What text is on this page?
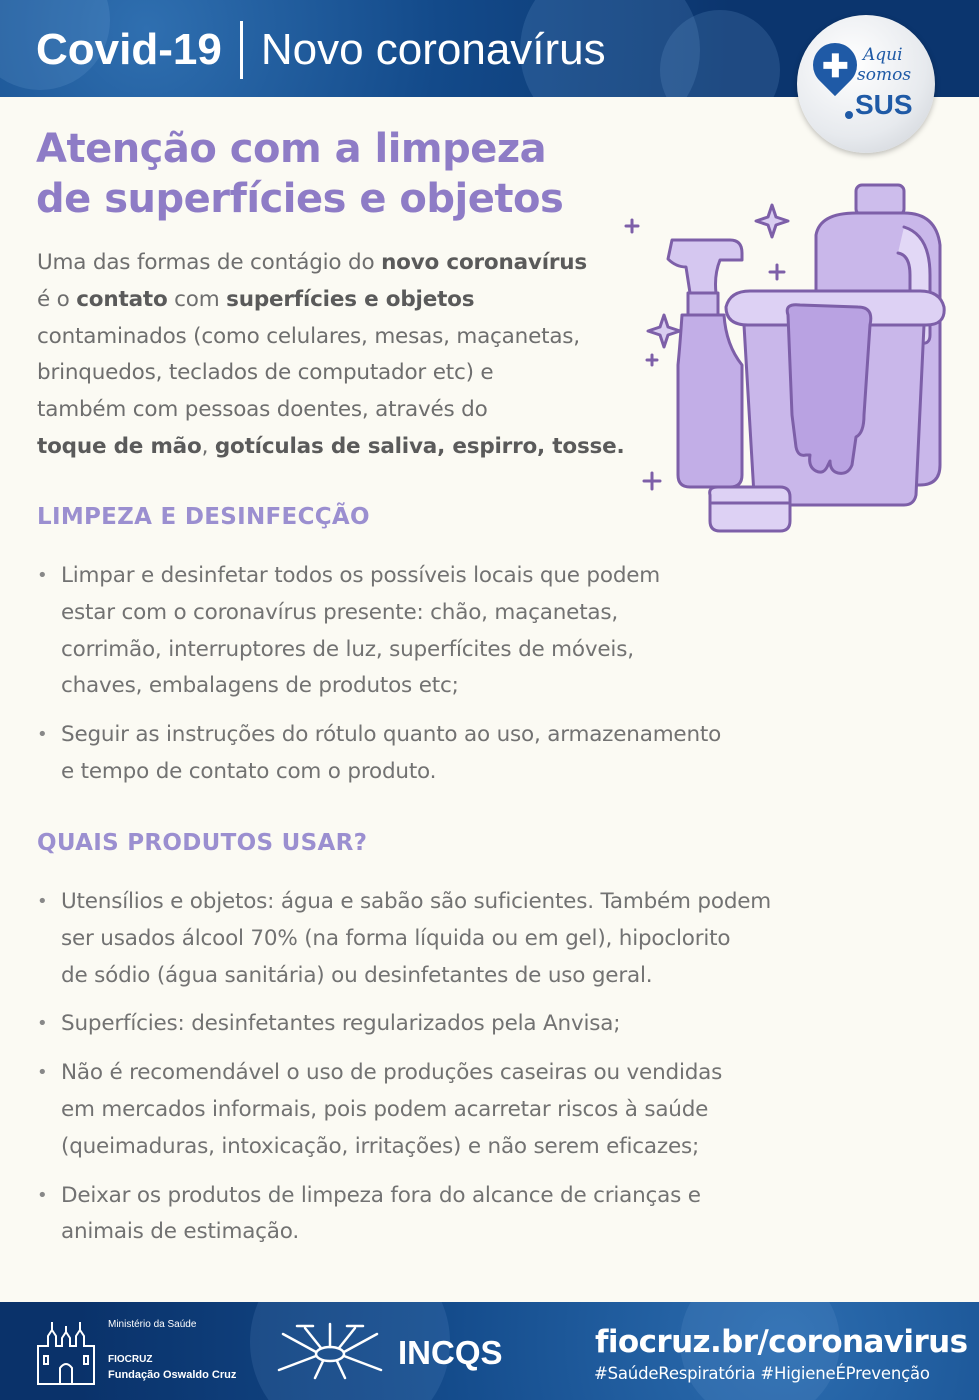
Covid-19 Novo coronavírus	Aqui
somos
SUS
Atenção com a limpeza
de superfícies e objetos
Uma das formas de contágio do novo coronavírus
é o contato com superfícies e objetos
contaminados (como celulares, mesas, maçanetas,
brinquedos, teclados de computador etc) e
também com pessoas doentes, através do
toque de mão, gotículas de saliva, espirro, tosse.
LIMPEZA E DESINFECÇÃO
• Limpar e desinfetar todos os possíveis locais que podem
estar com o coronavírus presente: chão, maçanetas,
corrimão, interruptores de luz, superfícites de móveis,
chaves, embalagens de produtos etc;
• Seguir as instruções do rótulo quanto ao uso, armazenamento
e tempo de contato com o produto.
QUAIS PRODUTOS USAR?
• Utensílios e objetos: água e sabão são suficientes. Também podem
ser usados álcool 70% (na forma líquida ou em gel), hipoclorito
de sódio (água sanitária) ou desinfetantes de uso geral.
• Superfícies: desinfetantes regularizados pela Anvisa;
• Não é recomendável o uso de produções caseiras ou vendidas
em mercados informais, pois podem acarretar riscos à saúde
(queimaduras, intoxicação, irritações) e não serem eficazes;
• Deixar os produtos de limpeza fora do alcance de crianças e
animais de estimação.
Ministério da Saúde
FIOCRUZ
Fundação Oswaldo Cruz
INCQS	fiocruz.br/coronavirus
#SaúdeRespiratória #HigieneÉPrevenção
